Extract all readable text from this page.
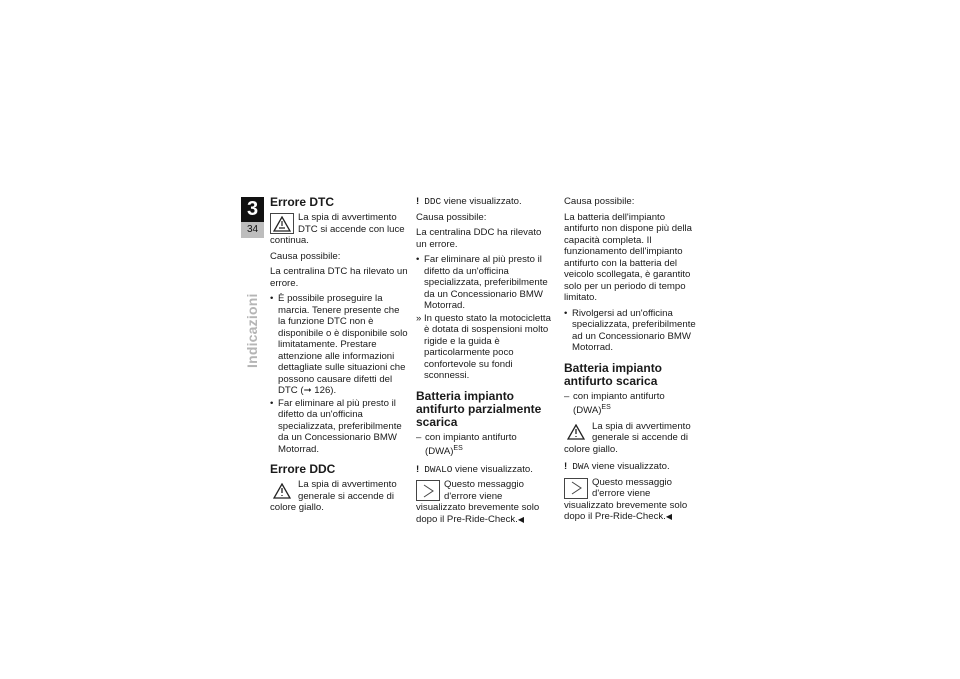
3
34
Indicazioni
Errore DTC
La spia di avvertimento DTC si accende con luce continua.

Causa possibile:

La centralina DTC ha rilevato un errore.

• È possibile proseguire la marcia. Tenere presente che la funzione DTC non è disponibile o è disponibile solo limitatamente. Prestare attenzione alle informazioni dettagliate sulle situazioni che possono causare difetti del DTC (➞ 126).
• Far eliminare al più presto il difetto da un'officina specializzata, preferibilmente da un Concessionario BMW Motorrad.
Errore DDC
La spia di avvertimento generale si accende di colore giallo.

! DDC viene visualizzato.

Causa possibile:

La centralina DDC ha rilevato un errore.

• Far eliminare al più presto il difetto da un'officina specializzata, preferibilmente da un Concessionario BMW Motorrad.
» In questo stato la motocicletta è dotata di sospensioni molto rigide e la guida è particolarmente poco confortevole su fondi sconnessi.
Batteria impianto antifurto parzialmente scarica
– con impianto antifurto (DWA)$^{ES}$

! DWALO viene visualizzato.

Questo messaggio d'errore viene visualizzato brevemente solo dopo il Pre-Ride-Check.◀

Causa possibile:

La batteria dell'impianto antifurto non dispone più della capacità completa. Il funzionamento dell'impianto antifurto con la batteria del veicolo scollegata, è garantito solo per un periodo di tempo limitato.

• Rivolgersi ad un'officina specializzata, preferibilmente ad un Concessionario BMW Motorrad.
Batteria impianto antifurto scarica
– con impianto antifurto (DWA)$^{ES}$
La spia di avvertimento generale si accende di colore giallo.

! DWA viene visualizzato.

Questo messaggio d'errore viene visualizzato brevemente solo dopo il Pre-Ride-Check.◀
